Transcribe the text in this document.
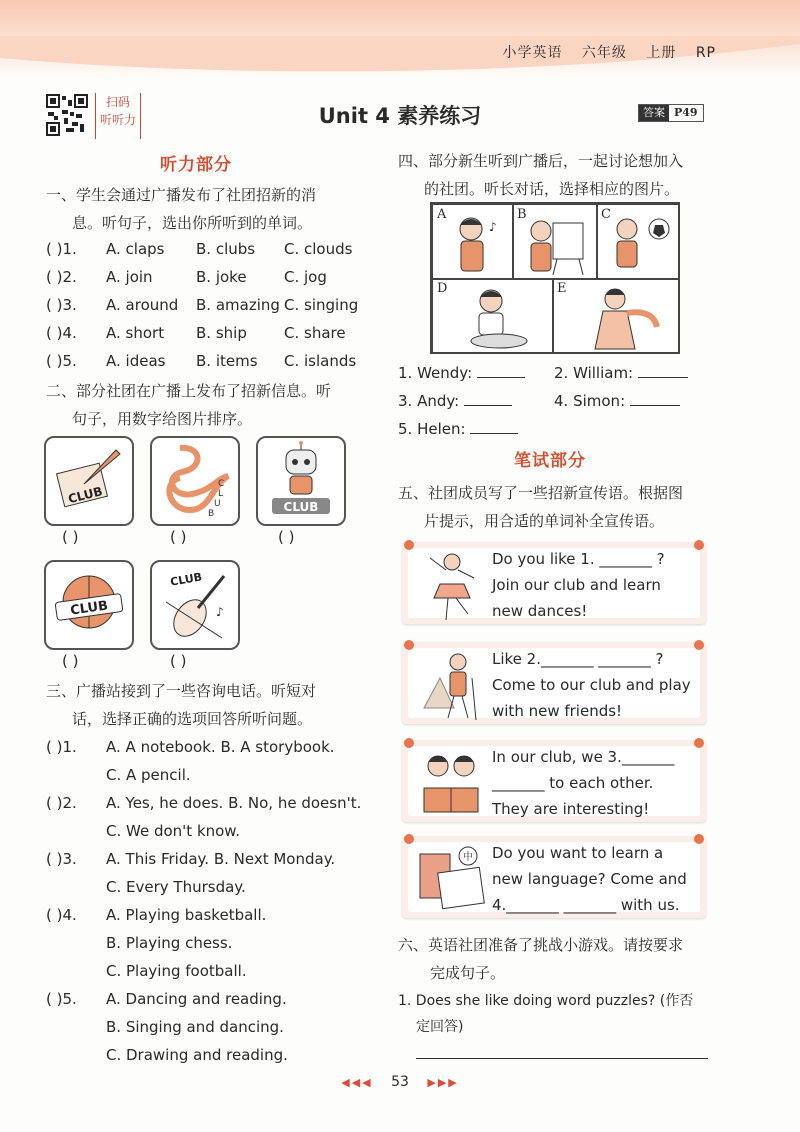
小学英语 六年级 上册 RP
扫码
听听力	Unit 4 素养练习	答案 P49
听力部分
一、学生会通过广播发布了社团招新的消
息。听句子，选出你所听到的单词。
( )1. A. claps B. clubs C. clouds
( )2. A. join	B. joke C. jog
( )3. A. around B. amazing C. singing
( )4. A. short B. ship C. share
( )5. A. ideas B. items C. islands
二、部分社团在广播上发布了招新信息。听
句子，用数字给图片排序。
CLUB
C
L
U
B	CLUB
( )	( )	( )
CLUB
CLUB
♪
( )	( )
三、广播站接到了一些咨询电话。听短对
话，选择正确的选项回答所听问题。
( )1. A. A notebook. B. A storybook.
C. A pencil.
( )2. A. Yes, he does. B. No, he doesn't.
C. We don't know.
( )3. A. This Friday. B. Next Monday.
C. Every Thursday.
( )4. A. Playing basketball.
B. Playing chess.
C. Playing football.
( )5. A. Dancing and reading.
B. Singing and dancing.
C. Drawing and reading.
四、部分新生听到广播后，一起讨论想加入
的社团。听长对话，选择相应的图片。
A
♪
B	C
D	E
1. Wendy:	2. William:
3. Andy:	4. Simon:
5. Helen:
笔试部分
五、社团成员写了一些招新宣传语。根据图
片提示，用合适的单词补全宣传语。
Do you like 1. _______ ?
Join our club and learn
new dances!
Like 2._______ _______ ?
Come to our club and play
with new friends!
In our club, we 3._______
_______ to each other.
They are interesting!
中 Do you want to learn a
new language? Come and
4._______ _______ with us.
六、英语社团准备了挑战小游戏。请按要求
完成句子。
1. Does she like doing word puzzles? (作否
定回答)
◀◀◀ 53 ▶▶▶
